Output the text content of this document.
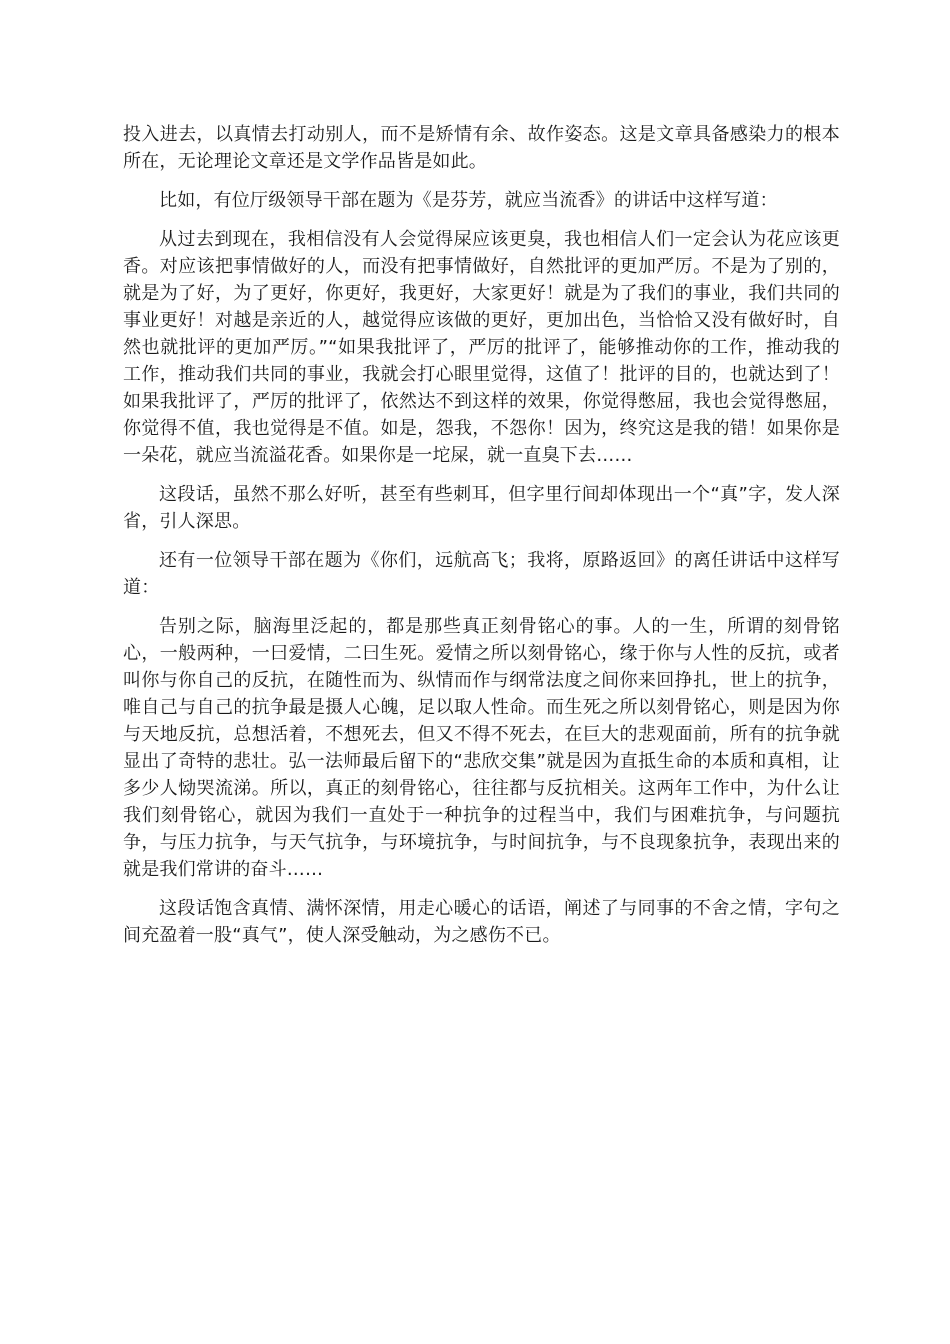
投入进去，以真情去打动别人，而不是矫情有余、故作姿态。这是文章具备感染力的根本所在，无论理论文章还是文学作品皆是如此。

比如，有位厅级领导干部在题为《是芬芳，就应当流香》的讲话中这样写道：

从过去到现在，我相信没有人会觉得屎应该更臭，我也相信人们一定会认为花应该更香。对应该把事情做好的人，而没有把事情做好，自然批评的更加严厉。不是为了别的，就是为了好，为了更好，你更好，我更好，大家更好！就是为了我们的事业，我们共同的事业更好！对越是亲近的人，越觉得应该做的更好，更加出色，当恰恰又没有做好时，自然也就批评的更加严厉。”“如果我批评了，严厉的批评了，能够推动你的工作，推动我的工作，推动我们共同的事业，我就会打心眼里觉得，这值了！批评的目的，也就达到了！如果我批评了，严厉的批评了，依然达不到这样的效果，你觉得憋屈，我也会觉得憋屈，你觉得不值，我也觉得是不值。如是，怨我，不怨你！因为，终究这是我的错！如果你是一朵花，就应当流溢花香。如果你是一坨屎，就一直臭下去……

这段话，虽然不那么好听，甚至有些刺耳，但字里行间却体现出一个“真”字，发人深省，引人深思。

还有一位领导干部在题为《你们，远航高飞；我将，原路返回》的离任讲话中这样写道：

告别之际，脑海里泛起的，都是那些真正刻骨铭心的事。人的一生，所谓的刻骨铭心，一般两种，一曰爱情，二曰生死。爱情之所以刻骨铭心，缘于你与人性的反抗，或者叫你与你自己的反抗，在随性而为、纵情而作与纲常法度之间你来回挣扎，世上的抗争，唯自己与自己的抗争最是摄人心魄，足以取人性命。而生死之所以刻骨铭心，则是因为你与天地反抗，总想活着，不想死去，但又不得不死去，在巨大的悲观面前，所有的抗争就显出了奇特的悲壮。弘一法师最后留下的“悲欣交集”就是因为直抵生命的本质和真相，让多少人恸哭流涕。所以，真正的刻骨铭心，往往都与反抗相关。这两年工作中，为什么让我们刻骨铭心，就因为我们一直处于一种抗争的过程当中，我们与困难抗争，与问题抗争，与压力抗争，与天气抗争，与环境抗争，与时间抗争，与不良现象抗争，表现出来的就是我们常讲的奋斗……

这段话饱含真情、满怀深情，用走心暖心的话语，阐述了与同事的不舍之情，字句之间充盈着一股“真气”，使人深受触动，为之感伤不已。
